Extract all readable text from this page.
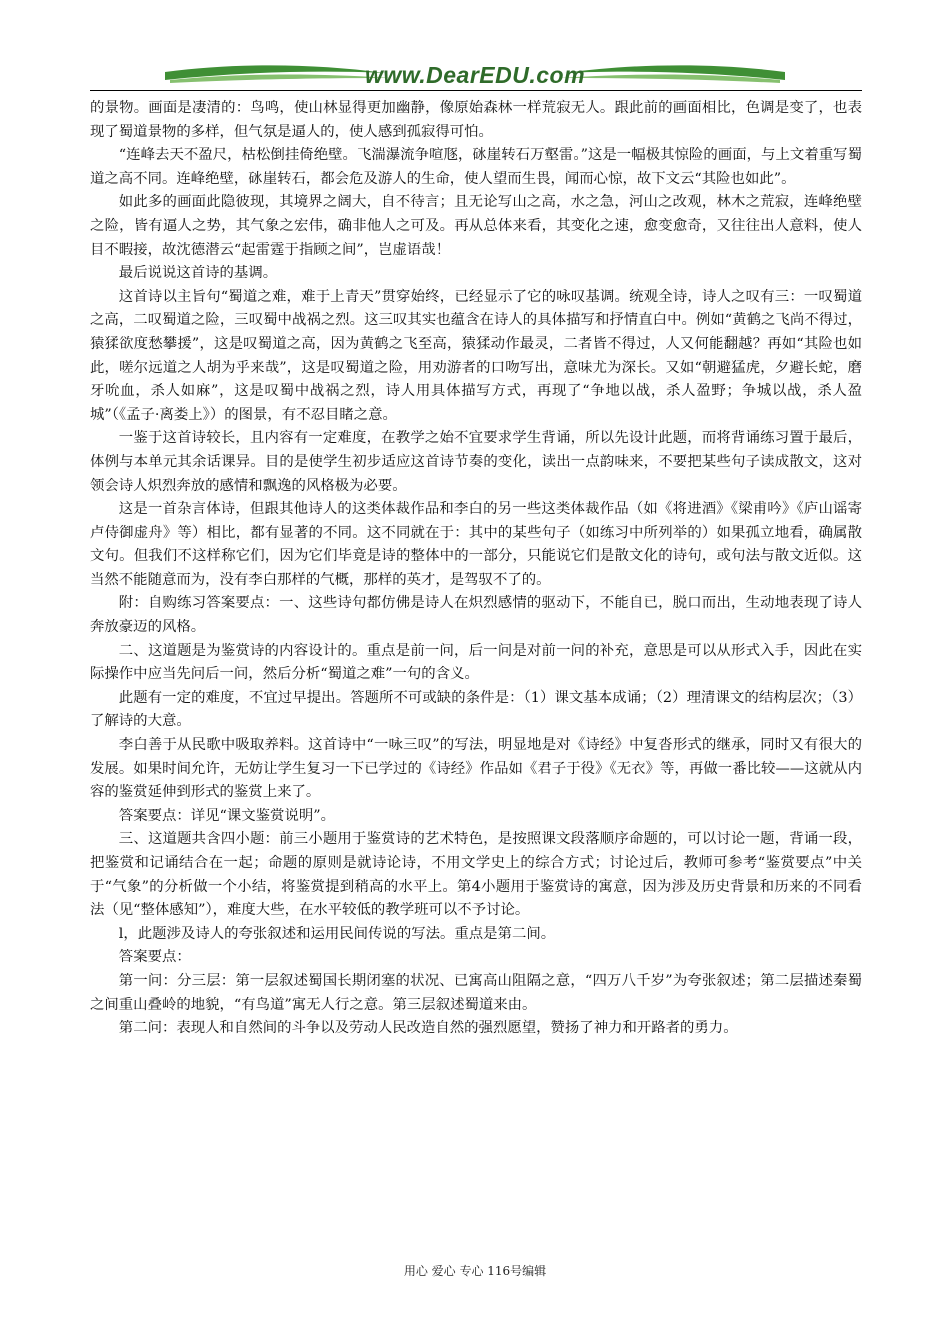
www.DearEDU.com

的景物。画面是凄清的：鸟鸣，使山林显得更加幽静，像原始森林一样荒寂无人。跟此前的画面相比，色调是变了，也表现了蜀道景物的多样，但气氛是逼人的，使人感到孤寂得可怕。

“连峰去天不盈尺，枯松倒挂倚绝壁。飞湍瀑流争喧豗，砯崖转石万壑雷。”这是一幅极其惊险的画面，与上文着重写蜀道之高不同。连峰绝壁，砯崖转石，都会危及游人的生命，使人望而生畏，闻而心惊，故下文云“其险也如此”。

如此多的画面此隐彼现，其境界之阔大，自不待言；且无论写山之高，水之急，河山之改观，林木之荒寂，连峰绝壁之险，皆有逼人之势，其气象之宏伟，确非他人之可及。再从总体来看，其变化之速，愈变愈奇，又往往出人意料，使人目不暇接，故沈德潜云“起雷霆于指顾之间”，岂虚语哉！

最后说说这首诗的基调。

这首诗以主旨句“蜀道之难，难于上青天”贯穿始终，已经显示了它的咏叹基调。统观全诗，诗人之叹有三：一叹蜀道之高，二叹蜀道之险，三叹蜀中战祸之烈。这三叹其实也蕴含在诗人的具体描写和抒情直白中。例如“黄鹤之飞尚不得过，猿猱欲度愁攀援”，这是叹蜀道之高，因为黄鹤之飞至高，猿猱动作最灵，二者皆不得过，人又何能翻越？再如“其险也如此，嗟尔远道之人胡为乎来哉”，这是叹蜀道之险，用劝游者的口吻写出，意味尤为深长。又如“朝避猛虎，夕避长蛇，磨牙吮血，杀人如麻”，这是叹蜀中战祸之烈，诗人用具体描写方式，再现了“争地以战，杀人盈野；争城以战，杀人盈城”（《孟子·离娄上》）的图景，有不忍目睹之意。

一鉴于这首诗较长，且内容有一定难度，在教学之始不宜要求学生背诵，所以先设计此题，而将背诵练习置于最后，体例与本单元其余话课异。目的是使学生初步适应这首诗节奏的变化，读出一点韵味来，不要把某些句子读成散文，这对领会诗人炽烈奔放的感情和飘逸的风格极为必要。

这是一首杂言体诗，但跟其他诗人的这类体裁作品和李白的另一些这类体裁作品（如《将进酒》《梁甫吟》《庐山谣寄卢侍御虚舟》等）相比，都有显著的不同。这不同就在于：其中的某些句子（如练习中所列举的）如果孤立地看，确属散文句。但我们不这样称它们，因为它们毕竟是诗的整体中的一部分，只能说它们是散文化的诗句，或句法与散文近似。这当然不能随意而为，没有李白那样的气概，那样的英才，是驾驭不了的。

附：自购练习答案要点：一、这些诗句都仿佛是诗人在炽烈感情的驱动下，不能自已，脱口而出，生动地表现了诗人奔放豪迈的风格。

二、这道题是为鉴赏诗的内容设计的。重点是前一问，后一问是对前一问的补充，意思是可以从形式入手，因此在实际操作中应当先问后一问，然后分析“蜀道之难”一句的含义。

此题有一定的难度，不宜过早提出。答题所不可或缺的条件是：（1）课文基本成诵；（2）理清课文的结构层次；（3）了解诗的大意。

李白善于从民歌中吸取养料。这首诗中“一咏三叹”的写法，明显地是对《诗经》中复沓形式的继承，同时又有很大的发展。如果时间允许，无妨让学生复习一下已学过的《诗经》作品如《君子于役》《无衣》等，再做一番比较——这就从内容的鉴赏延伸到形式的鉴赏上来了。

答案要点：详见“课文鉴赏说明”。

三、这道题共含四小题：前三小题用于鉴赏诗的艺术特色，是按照课文段落顺序命题的，可以讨论一题，背诵一段，把鉴赏和记诵结合在一起；命题的原则是就诗论诗，不用文学史上的综合方式；讨论过后，教师可参考“鉴赏要点”中关于“气象”的分析做一个小结，将鉴赏提到稍高的水平上。第4小题用于鉴赏诗的寓意，因为涉及历史背景和历来的不同看法（见“整体感知”），难度大些，在水平较低的教学班可以不予讨论。

l，此题涉及诗人的夸张叙述和运用民间传说的写法。重点是第二间。

答案要点：

第一问：分三层：第一层叙述蜀国长期闭塞的状况、已寓高山阻隔之意，“四万八千岁”为夸张叙述；第二层描述秦蜀之间重山叠岭的地貌，“有鸟道”寓无人行之意。第三层叙述蜀道来由。

第二问：表现人和自然间的斗争以及劳动人民改造自然的强烈愿望，赞扬了神力和开路者的勇力。

用心 爱心 专心 116号编辑
